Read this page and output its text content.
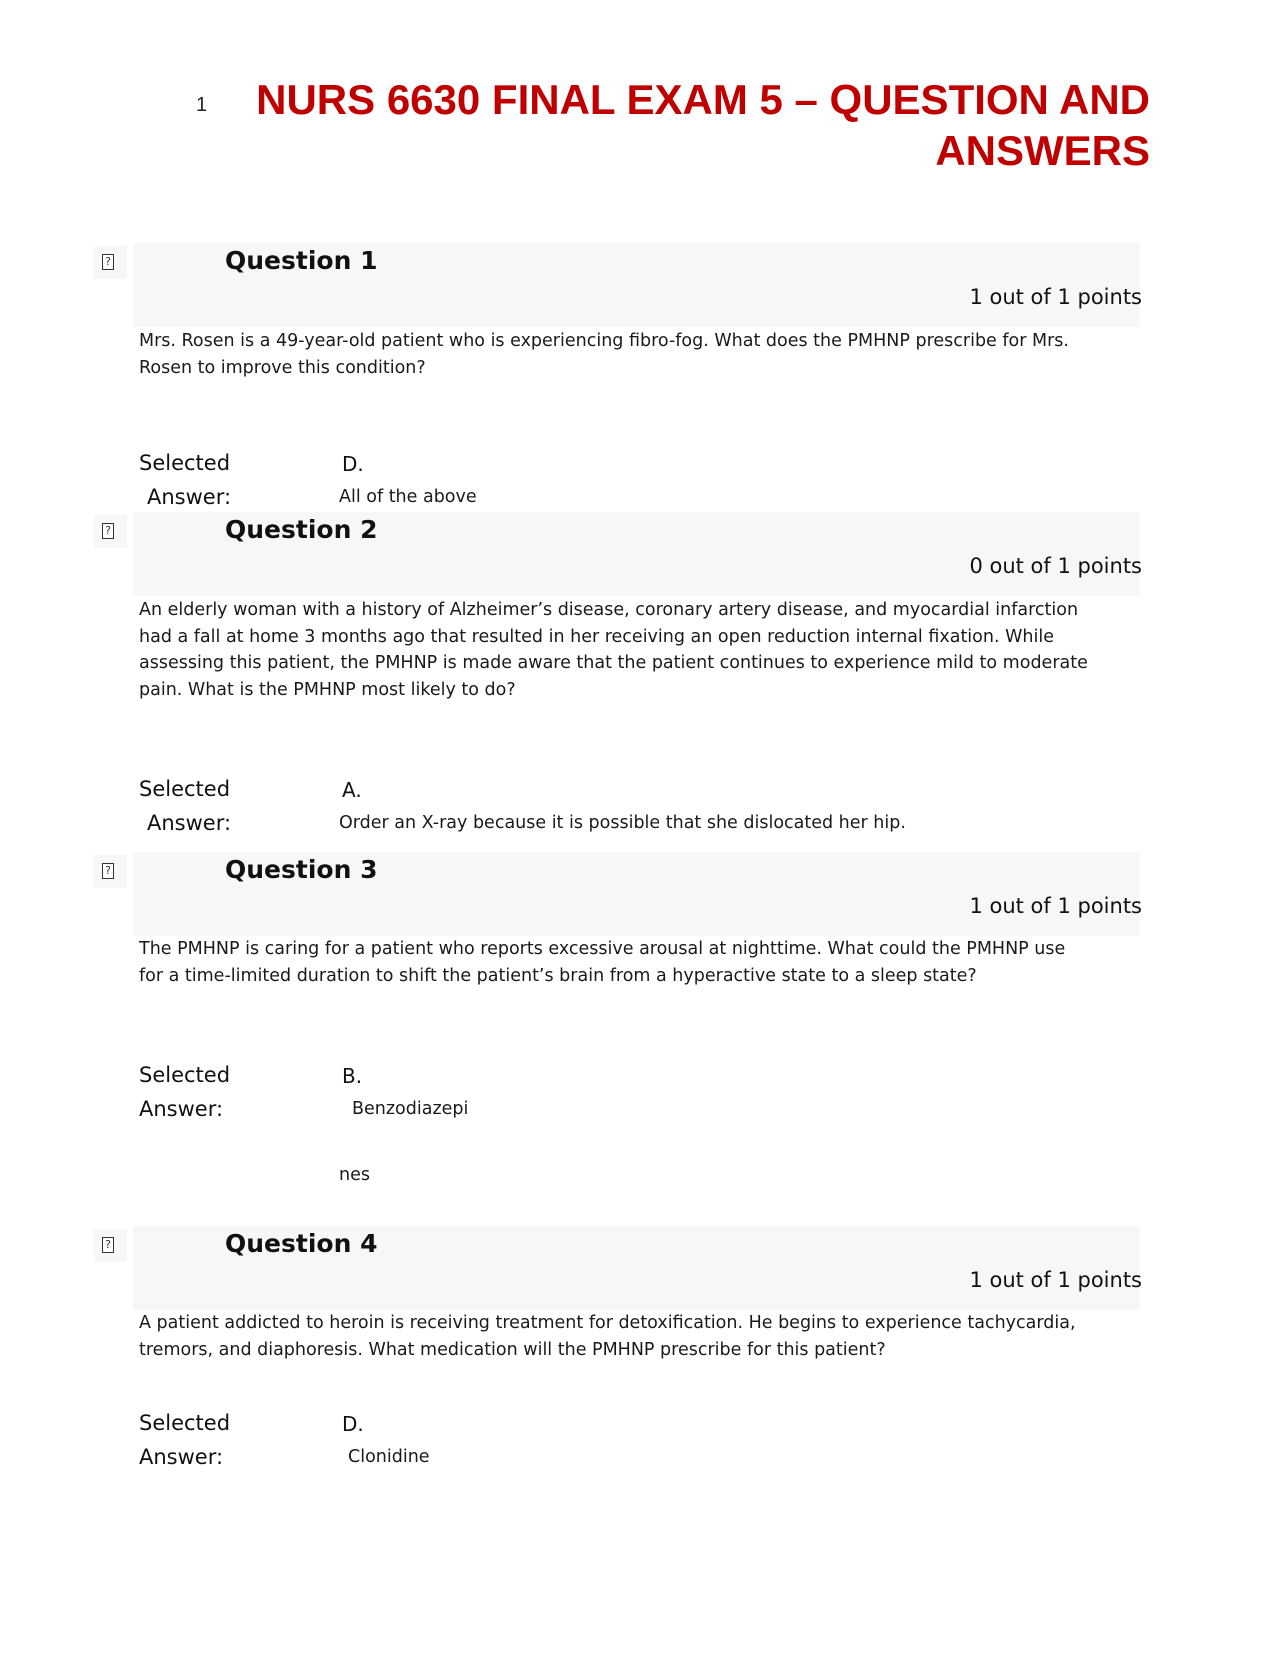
1 NURS 6630 FINAL EXAM 5 – QUESTION AND
ANSWERS
?	Question 1
1 out of 1 points

Mrs. Rosen is a 49-year-old patient who is experiencing fibro-fog. What does the PMHNP prescribe for Mrs. Rosen to improve this condition?

Selected
Answer:
D.
All of the above
?	Question 2
0 out of 1 points

An elderly woman with a history of Alzheimer’s disease, coronary artery disease, and myocardial infarction had a fall at home 3 months ago that resulted in her receiving an open reduction internal fixation. While assessing this patient, the PMHNP is made aware that the patient continues to experience mild to moderate pain. What is the PMHNP most likely to do?

Selected
Answer:
A.
Order an X-ray because it is possible that she dislocated her hip.
?	Question 3
1 out of 1 points

The PMHNP is caring for a patient who reports excessive arousal at nighttime. What could the PMHNP use for a time-limited duration to shift the patient’s brain from a hyperactive state to a sleep state?

Selected
Answer:
B.
Benzodiazepi
nes
?	Question 4
1 out of 1 points

A patient addicted to heroin is receiving treatment for detoxification. He begins to experience tachycardia, tremors, and diaphoresis. What medication will the PMHNP prescribe for this patient?

Selected
Answer:
D.
Clonidine
